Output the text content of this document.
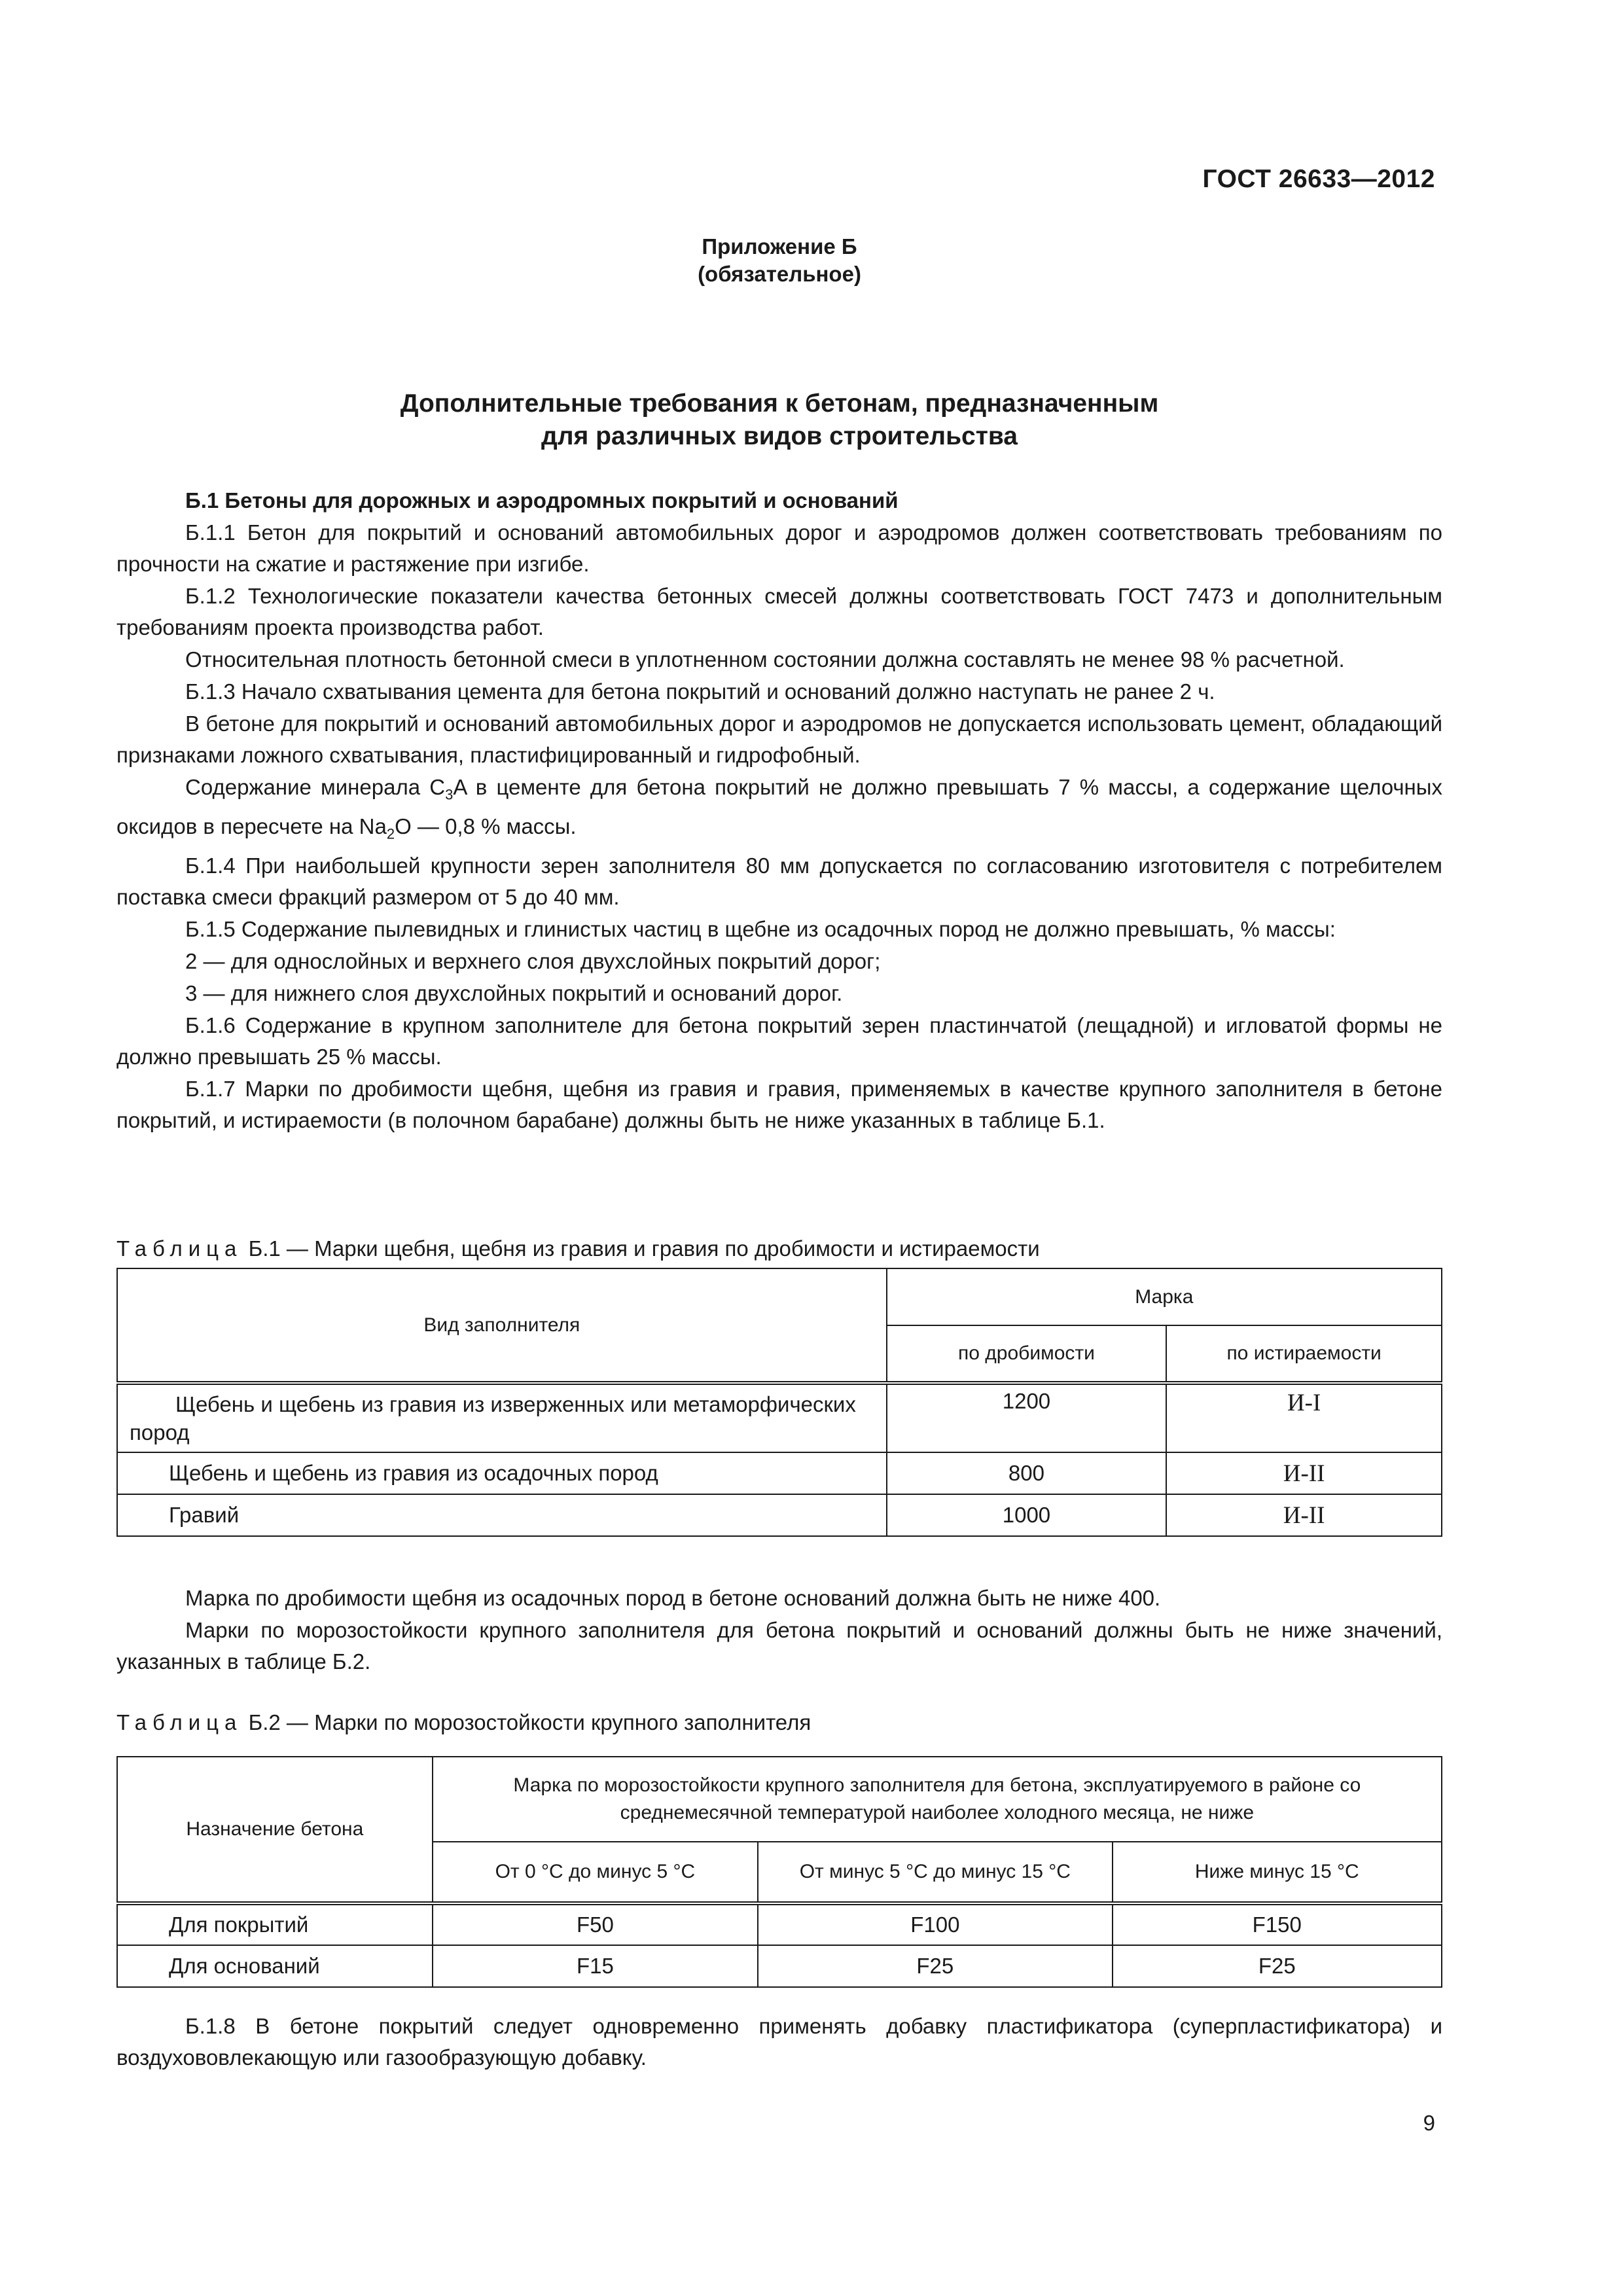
ГОСТ 26633—2012
Приложение Б
(обязательное)
Дополнительные требования к бетонам, предназначенным
для различных видов строительства

Б.1 Бетоны для дорожных и аэродромных покрытий и оснований

Б.1.1 Бетон для покрытий и оснований автомобильных дорог и аэродромов должен соответствовать требованиям по прочности на сжатие и растяжение при изгибе.

Б.1.2 Технологические показатели качества бетонных смесей должны соответствовать ГОСТ 7473 и дополнительным требованиям проекта производства работ.

Относительная плотность бетонной смеси в уплотненном состоянии должна составлять не менее 98 % расчетной.

Б.1.3 Начало схватывания цемента для бетона покрытий и оснований должно наступать не ранее 2 ч.

В бетоне для покрытий и оснований автомобильных дорог и аэродромов не допускается использовать цемент, обладающий признаками ложного схватывания, пластифицированный и гидрофобный.

Содержание минерала $C_3A$ в цементе для бетона покрытий не должно превышать 7 % массы, а содержание щелочных оксидов в пересчете на $Na_2O$ — 0,8 % массы.

Б.1.4 При наибольшей крупности зерен заполнителя 80 мм допускается по согласованию изготовителя с потребителем поставка смеси фракций размером от 5 до 40 мм.

Б.1.5 Содержание пылевидных и глинистых частиц в щебне из осадочных пород не должно превышать, % массы:

2 — для однослойных и верхнего слоя двухслойных покрытий дорог;

3 — для нижнего слоя двухслойных покрытий и оснований дорог.

Б.1.6 Содержание в крупном заполнителе для бетона покрытий зерен пластинчатой (лещадной) и игловатой формы не должно превышать 25 % массы.

Б.1.7 Марки по дробимости щебня, щебня из гравия и гравия, применяемых в качестве крупного заполнителя в бетоне покрытий, и истираемости (в полочном барабане) должны быть не ниже указанных в таблице Б.1.

Таблица Б.1 — Марки щебня, щебня из гравия и гравия по дробимости и истираемости
Вид заполнителя	Марка	
	по дробимости	по истираемости
Щебень и щебень из гравия из изверженных или метаморфических пород	1200	И-I
Щебень и щебень из гравия из осадочных пород	800	И-II
Гравий	1000	И-II

Марка по дробимости щебня из осадочных пород в бетоне оснований должна быть не ниже 400.

Марки по морозостойкости крупного заполнителя для бетона покрытий и оснований должны быть не ниже значений, указанных в таблице Б.2.

Таблица Б.2 — Марки по морозостойкости крупного заполнителя
Назначение бетона	Марка по морозостойкости крупного заполнителя для бетона, эксплуатируемого в районе со среднемесячной температурой наиболее холодного месяца, не ниже		
	От 0 °С до минус 5 °С	От минус 5 °С до минус 15 °С	Ниже минус 15 °С
Для покрытий	F50	F100	F150
Для оснований	F15	F25	F25

Б.1.8 В бетоне покрытий следует одновременно применять добавку пластификатора (суперпластификатора) и воздухововлекающую или газообразующую добавку.

9
